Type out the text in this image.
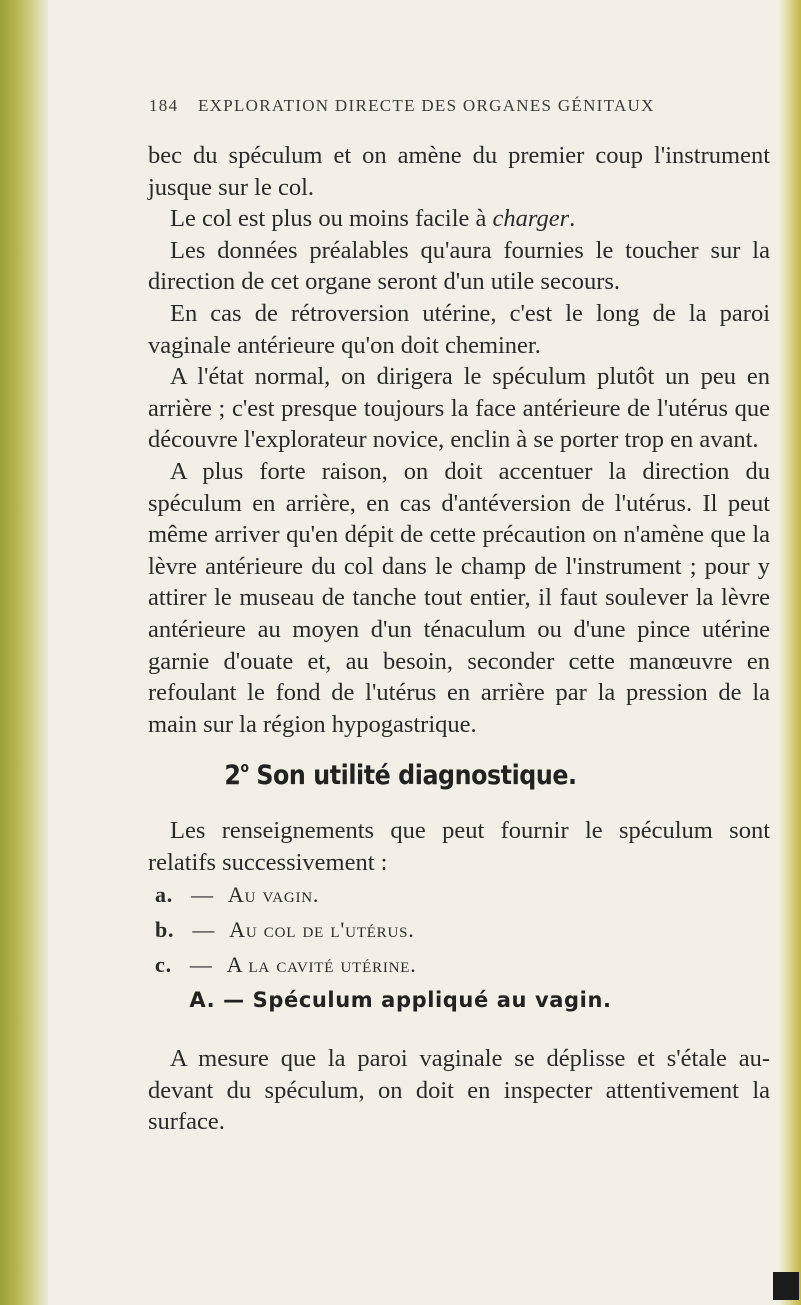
184 EXPLORATION DIRECTE DES ORGANES GÉNITAUX

bec du spéculum et on amène du premier coup l'instrument jusque sur le col.

Le col est plus ou moins facile à charger.

Les données préalables qu'aura fournies le toucher sur la direction de cet organe seront d'un utile secours.

En cas de rétroversion utérine, c'est le long de la paroi vaginale antérieure qu'on doit cheminer.

A l'état normal, on dirigera le spéculum plutôt un peu en arrière ; c'est presque toujours la face antérieure de l'utérus que découvre l'explorateur novice, enclin à se porter trop en avant.

A plus forte raison, on doit accentuer la direction du spéculum en arrière, en cas d'antéversion de l'utérus. Il peut même arriver qu'en dépit de cette précaution on n'amène que la lèvre antérieure du col dans le champ de l'instrument ; pour y attirer le museau de tanche tout entier, il faut soulever la lèvre antérieure au moyen d'un ténaculum ou d'une pince utérine garnie d'ouate et, au besoin, seconder cette manœuvre en refoulant le fond de l'utérus en arrière par la pression de la main sur la région hypogastrique.

2$^o$ Son utilité diagnostique.

Les renseignements que peut fournir le spéculum sont relatifs successivement :

a. — Au vagin.
b. — Au col de l'utérus.
c. — A la cavité utérine.
A. — Spéculum appliqué au vagin.

A mesure que la paroi vaginale se déplisse et s'étale au-devant du spéculum, on doit en inspecter attentivement la surface.
